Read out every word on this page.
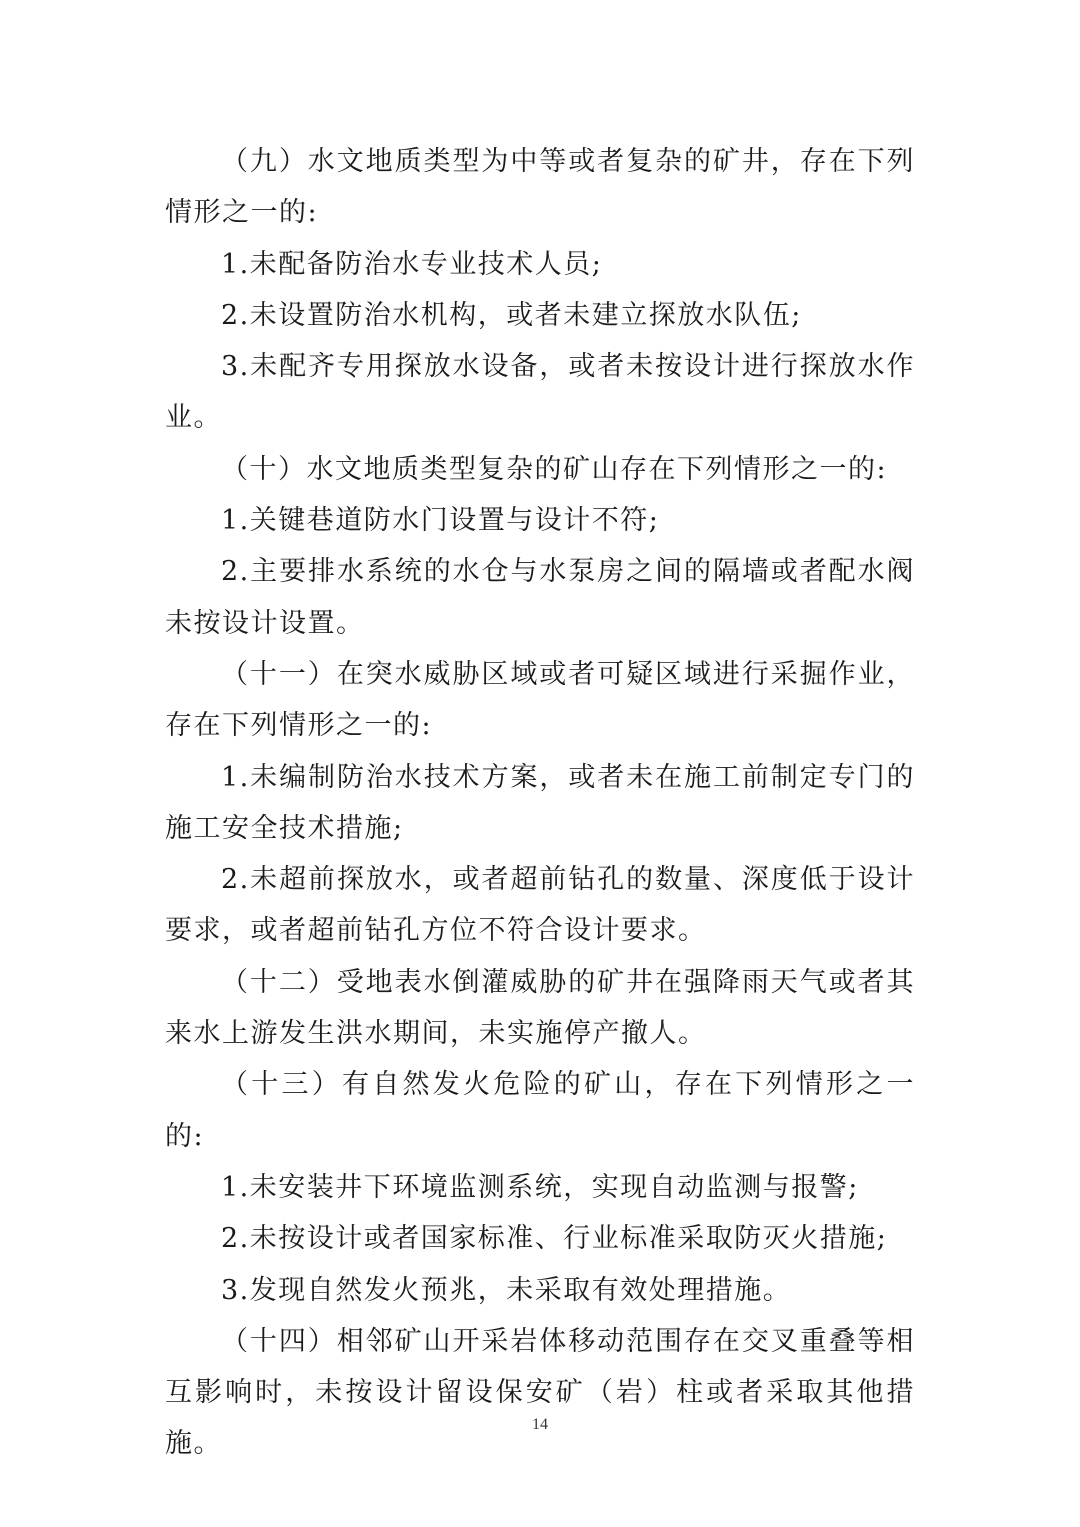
（九）水文地质类型为中等或者复杂的矿井，存在下列情形之一的:

1.未配备防治水专业技术人员;

2.未设置防治水机构，或者未建立探放水队伍;

3.未配齐专用探放水设备，或者未按设计进行探放水作业。

（十）水文地质类型复杂的矿山存在下列情形之一的:

1.关键巷道防水门设置与设计不符;

2.主要排水系统的水仓与水泵房之间的隔墙或者配水阀未按设计设置。

（十一）在突水威胁区域或者可疑区域进行采掘作业，存在下列情形之一的:

1.未编制防治水技术方案，或者未在施工前制定专门的施工安全技术措施;

2.未超前探放水，或者超前钻孔的数量、深度低于设计要求，或者超前钻孔方位不符合设计要求。

（十二）受地表水倒灌威胁的矿井在强降雨天气或者其来水上游发生洪水期间，未实施停产撤人。

（十三）有自然发火危险的矿山，存在下列情形之一的:

1.未安装井下环境监测系统，实现自动监测与报警;

2.未按设计或者国家标准、行业标准采取防灭火措施;

3.发现自然发火预兆，未采取有效处理措施。

（十四）相邻矿山开采岩体移动范围存在交叉重叠等相互影响时，未按设计留设保安矿（岩）柱或者采取其他措施。

14
